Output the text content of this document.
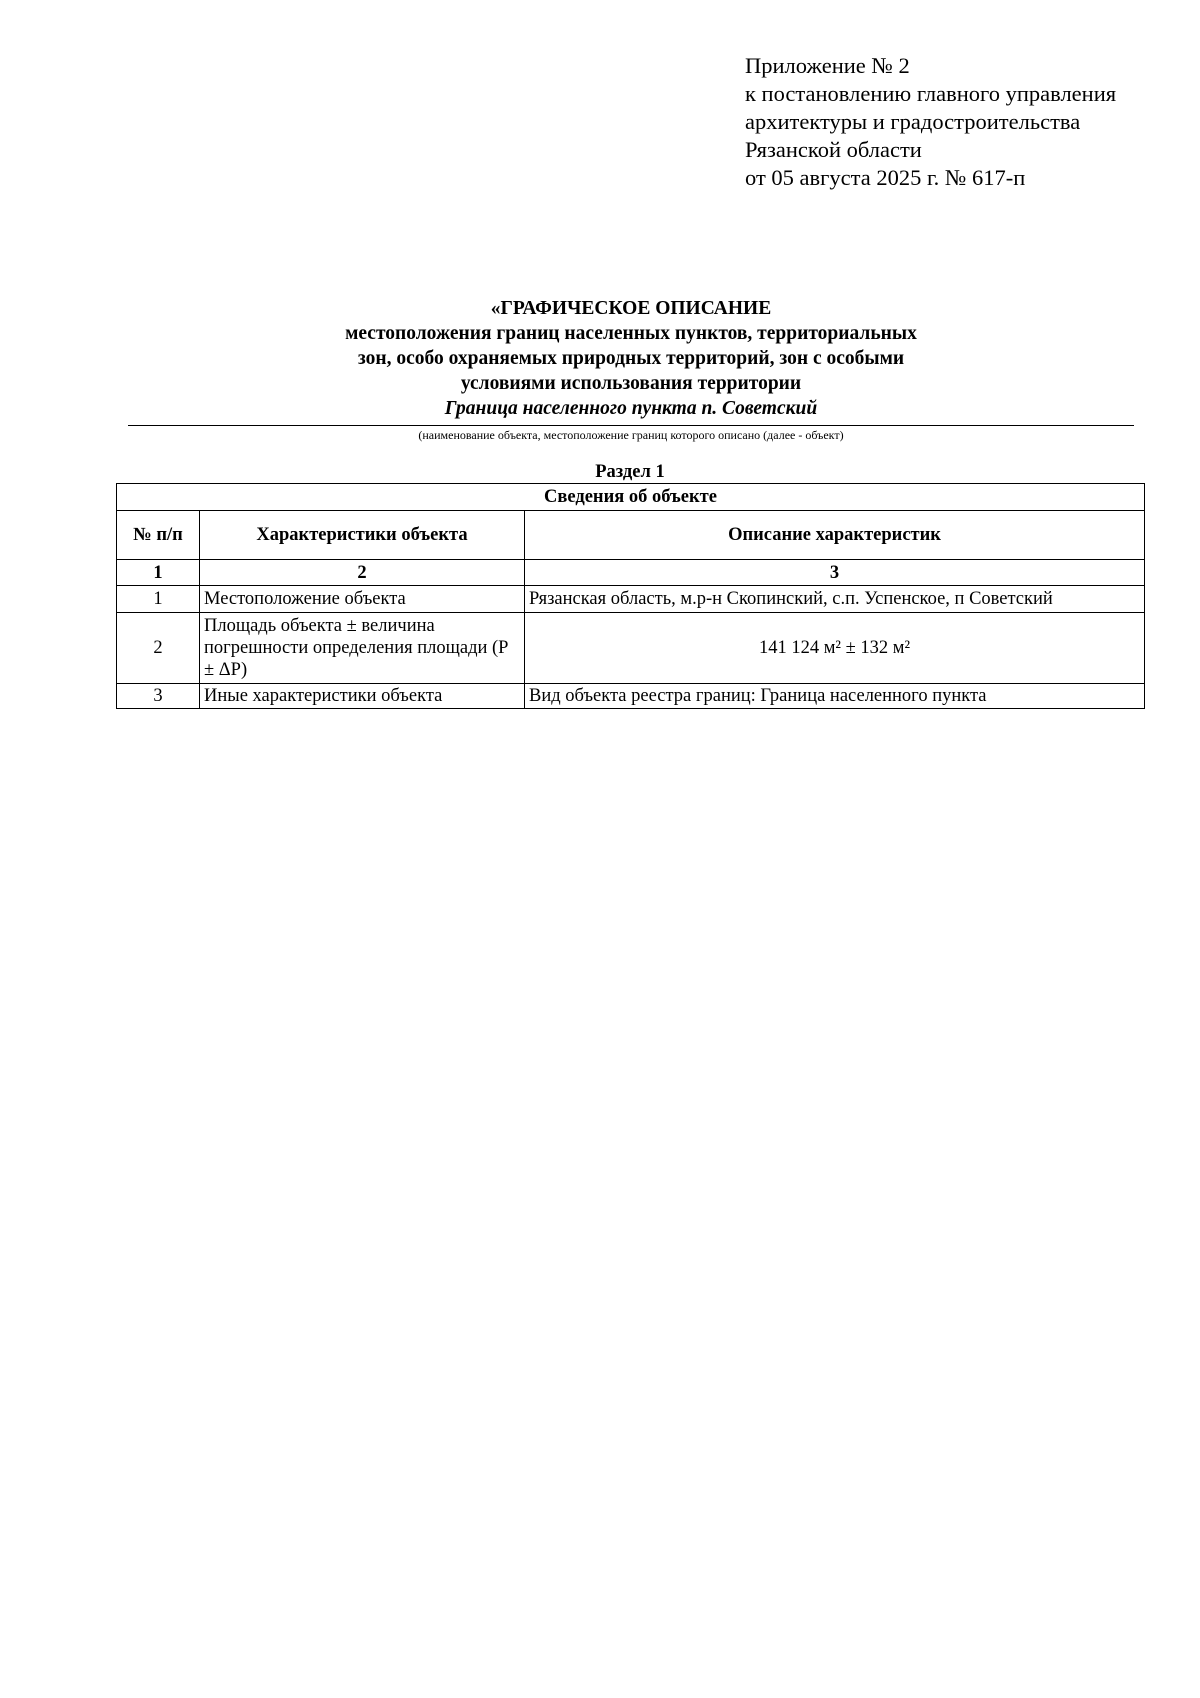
Приложение № 2
к постановлению главного управления
архитектуры и градостроительства
Рязанской области
от 05 августа 2025 г. № 617-п
«ГРАФИЧЕСКОЕ ОПИСАНИЕ
местоположения границ населенных пунктов, территориальных
зон, особо охраняемых природных территорий, зон с особыми
условиями использования территории
Граница населенного пункта п. Советский
(наименование объекта, местоположение границ которого описано (далее - объект)
Раздел 1
Сведения об объекте		
№ п/п	Характеристики объекта	Описание характеристик
1	2	3
1	Местоположение объекта	Рязанская область, м.р-н Скопинский, с.п. Успенское, п Советский
2	Площадь объекта ± величина погрешности определения площади (P ± ΔP)	141 124 м² ± 132 м²
3	Иные характеристики объекта	Вид объекта реестра границ: Граница населенного пункта
